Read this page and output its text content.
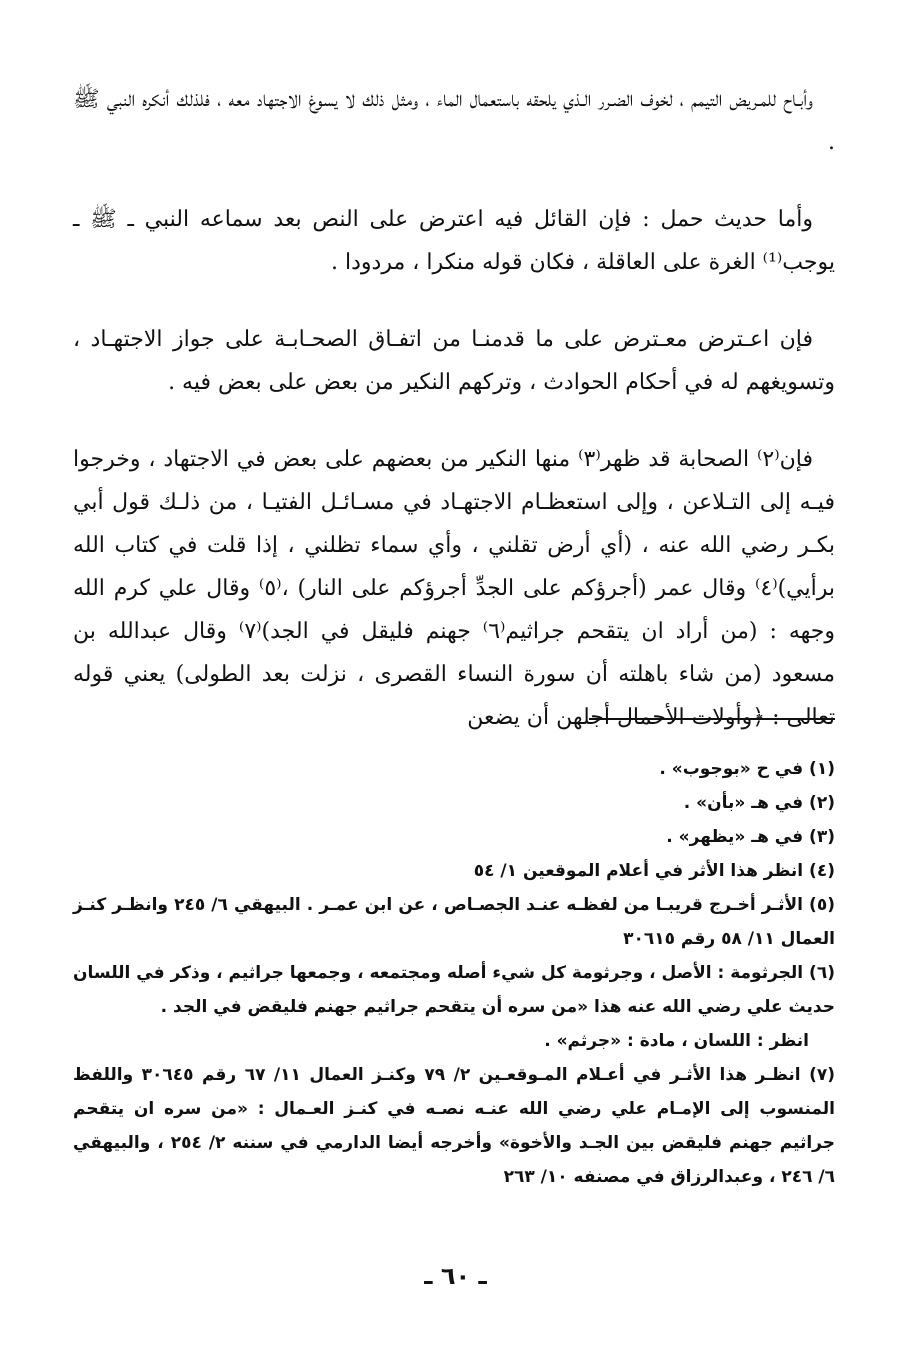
وأبـاح للمـريض التيمم ، لخوف الضـرر الـذي يلحقه باستعمال الماء ، ومثل ذلك لا يسوغ الاجتهاد معه ، فلذلك أنكره النبي ﷺ .

وأما حديث حمل : فإن القائل فيه اعترض على النص بعد سماعه النبي ـ ﷺ ـ يوجب⁽¹⁾ الغرة على العاقلة ، فكان قوله منكرا ، مردودا .

فإن اعـترض معـترض على ما قدمنـا من اتفـاق الصحـابـة على جواز الاجتهـاد ، وتسويغهم له في أحكام الحوادث ، وتركهم النكير من بعض على بعض فيه .

فإن⁽٢⁾ الصحابة قد ظهر⁽٣⁾ منها النكير من بعضهم على بعض في الاجتهاد ، وخرجوا فيـه إلى التـلاعن ، وإلى استعظـام الاجتهـاد في مسـائـل الفتيـا ، من ذلـك قول أبي بكـر رضي الله عنه ، (أي أرض تقلني ، وأي سماء تظلني ، إذا قلت في كتاب الله برأيي)⁽٤⁾ وقال عمر (أجرؤكم على الجدِّ أجرؤكم على النار) ،⁽٥⁾ وقال علي كرم الله وجهه : (من أراد ان يتقحم جراثيم⁽٦⁾ جهنم فليقل في الجد)⁽٧⁾ وقال عبدالله بن مسعود (من شاء باهلته أن سورة النساء القصرى ، نزلت بعد الطولى) يعني قوله تعالى : ﴿وأولات الأحمال أجلهن أن يضعن

(١) في ح «بوجوب» .

(٢) في هـ «بأن» .

(٣) في هـ «يظهر» .

(٤) انظر هذا الأثر في أعلام الموقعين ١/ ٥٤

(٥) الأثـر أخـرج قريبـا من لفظـه عنـد الجصـاص ، عن ابن عمـر . البيهقي ٦/ ٢٤٥ وانظـر كنـز العمال ١١/ ٥٨ رقم ٣٠٦١٥

(٦) الجرثومة : الأصل ، وجرثومة كل شيء أصله ومجتمعه ، وجمعها جراثيم ، وذكر في اللسان حديث علي رضي الله عنه هذا «من سره أن يتقحم جراثيم جهنم فليقض في الجد .

انظر : اللسان ، مادة : «جرثم» .

(٧) انظـر هذا الأثـر في أعـلام المـوقعـين ٢/ ٧٩ وكنـز العمال ١١/ ٦٧ رقم ٣٠٦٤٥ واللفظ المنسوب إلى الإمـام علي رضي الله عنـه نصـه في كنـز العـمال : «من سره ان يتقحم جراثيم جهنم فليقض بين الجـد والأخوة» وأخرجه أيضا الدارمي في سننه ٢/ ٢٥٤ ، والبيهقي ٦/ ٢٤٦ ، وعبدالرزاق في مصنفه ١٠/ ٢٦٣

ـ ٦٠ ـ
